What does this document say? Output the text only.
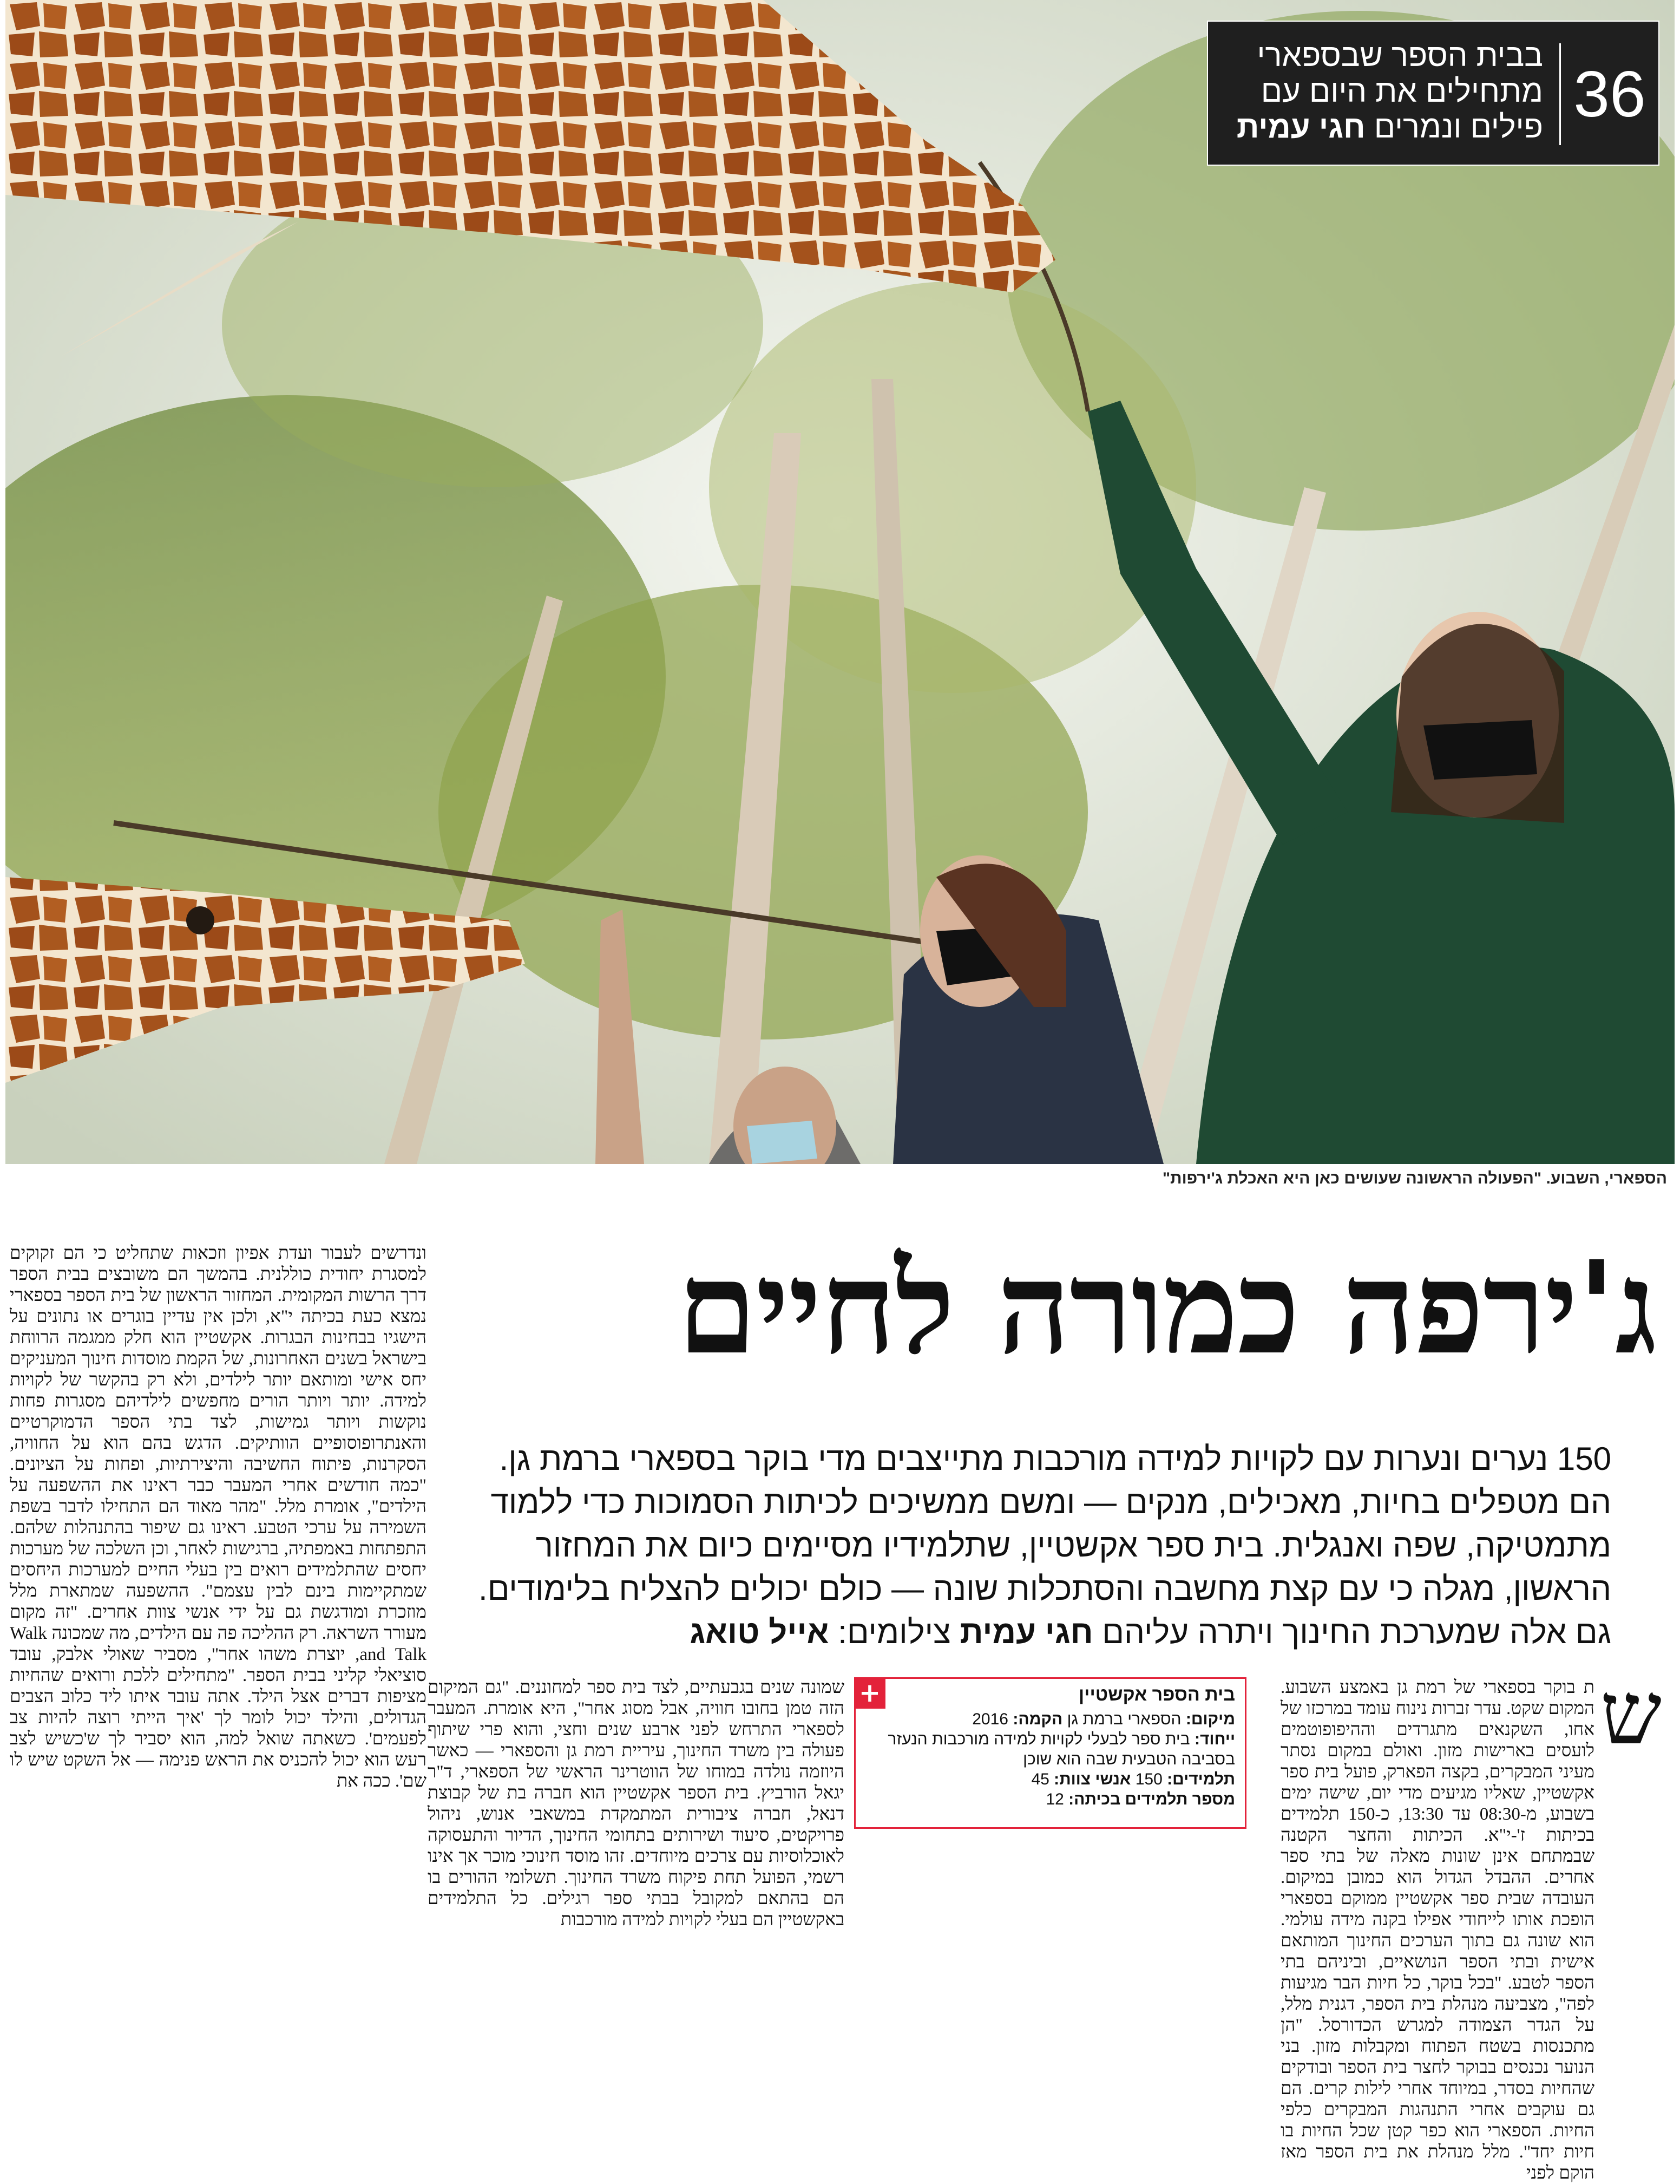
36
בבית הספר שבספארי
מתחילים את היום עם
פילים ונמרים חגי עמית
הספארי, השבוע. "הפעולה הראשונה שעושים כאן היא האכלת ג'ירפות"
ג'ירפה כמורה לחיים
150 נערים ונערות עם לקויות למידה מורכבות מתייצבים מדי בוקר בספארי ברמת גן. הם מטפלים בחיות, מאכילים, מנקים — ומשם ממשיכים לכיתות הסמוכות כדי ללמוד מתמטיקה, שפה ואנגלית. בית ספר אקשטיין, שתלמידיו מסיימים כיום את המחזור הראשון, מגלה כי עם קצת מחשבה והסתכלות שונה — כולם יכולים להצליח בלימודים. גם אלה שמערכת החינוך ויתרה עליהם חגי עמית צילומים: אייל טואג

ונדרשים לעבור ועדת אפיון וזכאות שתחליט כי הם זקוקים למסגרת יחודית כוללנית. בהמשך הם משובצים בבית הספר דרך הרשות המקומית. המחזור הראשון של בית הספר בספארי נמצא כעת בכיתה י"א, ולכן אין עדיין בוגרים או נתונים על הישגיו בבחינות הבגרות. אקשטיין הוא חלק ממגמה הרווחת בישראל בשנים האחרונות, של הקמת מוסדות חינוך המעניקים יחס אישי ומותאם יותר לילדים, ולא רק בהקשר של לקויות למידה. יותר ויותר הורים מחפשים לילדיהם מסגרות פחות נוקשות ויותר גמישות, לצד בתי הספר הדמוקרטיים והאנתרופוסופיים הוותיקים. הדגש בהם הוא על החוויה, הסקרנות, פיתוח החשיבה והיצירתיות, ופחות על הציונים. "כמה חודשים אחרי המעבר כבר ראינו את ההשפעה על הילדים", אומרת מלל. "מהר מאוד הם התחילו לדבר בשפת השמירה על ערכי הטבע. ראינו גם שיפור בהתנהלות שלהם. התפתחות באמפתיה, ברגישות לאחר, וכן השלכה של מערכות יחסים שהתלמידים רואים בין בעלי החיים למערכות היחסים שמתקיימות בינם לבין עצמם". ההשפעה שמתארת מלל מוזכרת ומודגשת גם על ידי אנשי צוות אחרים. "זה מקום מעורר השראה. רק ההליכה פה עם הילדים, מה שמכונה Walk and Talk, יוצרת משהו אחר", מסביר שאולי אלבק, עובד סוציאלי קליני בבית הספר. "מתחילים ללכת ורואים שהחיות מציפות דברים אצל הילד. אתה עובר איתו ליד כלוב הצבים הגדולים, והילד יכול לומר לך 'איך הייתי רוצה להיות צב לפעמים'. כשאתה שואל למה, הוא יסביר לך ש'כשיש לצב רעש הוא יכול להכניס את הראש פנימה — אל השקט שיש לו שם'. ככה את

שמונה שנים בגבעתיים, לצד בית ספר למחוננים. "גם המיקום הזה טמן בחובו חוויה, אבל מסוג אחר", היא אומרת. המעבר לספארי התרחש לפני ארבע שנים וחצי, והוא פרי שיתוף פעולה בין משרד החינוך, עיריית רמת גן והספארי — כאשר היוזמה נולדה במוחו של הווטרינר הראשי של הספארי, ד"ר יגאל הורביץ. בית הספר אקשטיין הוא חברה בת של קבוצת דנאל, חברה ציבורית המתמקדת במשאבי אנוש, ניהול פרויקטים, סיעוד ושירותים בתחומי החינוך, הדיור והתעסוקה לאוכלוסיות עם צרכים מיוחדים. זהו מוסד חינוכי מוכר אך אינו רשמי, הפועל תחת פיקוח משרד החינוך. תשלומי ההורים בו הם בהתאם למקובל בבתי ספר רגילים. כל התלמידים באקשטיין הם בעלי לקויות למידה מורכבות

+	בית הספר אקשטיין
מיקום: הספארי ברמת גן הקמה: 2016
ייחוד: בית ספר לבעלי לקויות למידה מורכבות הנעזר בסביבה הטבעית שבה הוא שוכן
תלמידים: 150 אנשי צוות: 45
מספר תלמידים בכיתה: 12

ת בוקר בספארי של רמת גן באמצע השבוע. המקום שקט. עדר זברות נינוח עומד במרכזו של אחו, השקנאים מתגרדים וההיפופוטמים לועסים בארישות מזון. ואולם במקום נסתר מעיני המבקרים, בקצה הפארק, פועל בית ספר אקשטיין, שאליו מגיעים מדי יום, שישה ימים בשבוע, מ-08:30 עד 13:30, כ-150 תלמידים בכיתות ז'-י"א. הכיתות והחצר הקטנה שבמתחם אינן שונות מאלה של בתי ספר אחרים. ההבדל הגדול הוא כמובן במיקום. העובדה שבית ספר אקשטיין ממוקם בספארי הופכת אותו לייחודי אפילו בקנה מידה עולמי. הוא שונה גם בתוך הערכים החינוך המותאם אישית ובתי הספר הנושאיים, וביניהם בתי הספר לטבע. "בכל בוקר, כל חיות הבר מגיעות לפה", מצביעה מנהלת בית הספר, דגנית מלל, על הגדר הצמודה למגרש הכדורסל. "הן מתכנסות בשטח הפתוח ומקבלות מזון. בני הנוער נכנסים בבוקר לחצר בית הספר ובודקים שהחיות בסדר, במיוחד אחרי לילות קרים. הם גם עוקבים אחרי התנהגות המבקרים כלפי החיות. הספארי הוא כפר קטן שכל החיות בו חיות יחד". מלל מנהלת את בית הספר מאז הוקם לפני

ש
